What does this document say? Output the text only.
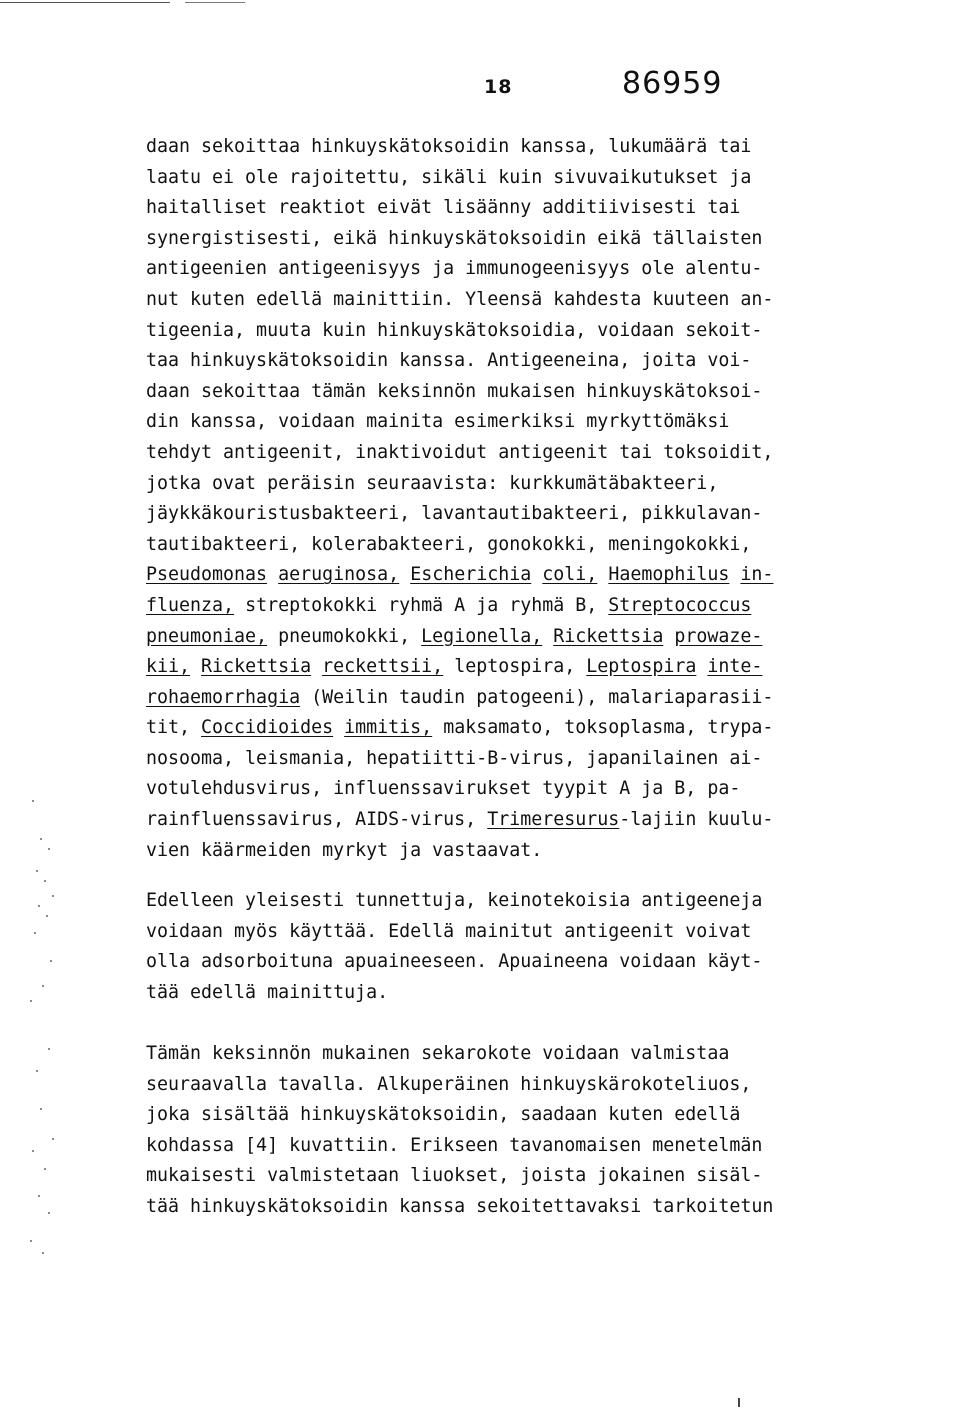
18	86959
daan sekoittaa hinkuyskätoksoidin kanssa, lukumäärä tai
laatu ei ole rajoitettu, sikäli kuin sivuvaikutukset ja
haitalliset reaktiot eivät lisäänny additiivisesti tai
synergistisesti, eikä hinkuyskätoksoidin eikä tällaisten
antigeenien antigeenisyys ja immunogeenisyys ole alentu-
nut kuten edellä mainittiin. Yleensä kahdesta kuuteen an-
tigeenia, muuta kuin hinkuyskätoksoidia, voidaan sekoit-
taa hinkuyskätoksoidin kanssa. Antigeeneina, joita voi-
daan sekoittaa tämän keksinnön mukaisen hinkuyskätoksoi-
din kanssa, voidaan mainita esimerkiksi myrkyttömäksi
tehdyt antigeenit, inaktivoidut antigeenit tai toksoidit,
jotka ovat peräisin seuraavista: kurkkumätäbakteeri,
jäykkäkouristusbakteeri, lavantautibakteeri, pikkulavan-
tautibakteeri, kolerabakteeri, gonokokki, meningokokki,
Pseudomonas aeruginosa, Escherichia coli, Haemophilus in-
fluenza, streptokokki ryhmä A ja ryhmä B, Streptococcus
pneumoniae, pneumokokki, Legionella, Rickettsia prowaze-
kii, Rickettsia reckettsii, leptospira, Leptospira inte-
rohaemorrhagia (Weilin taudin patogeeni), malariaparasii-
tit, Coccidioides immitis, maksamato, toksoplasma, trypa-
nosooma, leismania, hepatiitti-B-virus, japanilainen ai-
votulehdusvirus, influenssavirukset tyypit A ja B, pa-
rainfluenssavirus, AIDS-virus, Trimeresurus-lajiin kuulu-
vien käärmeiden myrkyt ja vastaavat.
Edelleen yleisesti tunnettuja, keinotekoisia antigeeneja
voidaan myös käyttää. Edellä mainitut antigeenit voivat
olla adsorboituna apuaineeseen. Apuaineena voidaan käyt-
tää edellä mainittuja.
Tämän keksinnön mukainen sekarokote voidaan valmistaa
seuraavalla tavalla. Alkuperäinen hinkuyskärokoteliuos,
joka sisältää hinkuyskätoksoidin, saadaan kuten edellä
kohdassa [4] kuvattiin. Erikseen tavanomaisen menetelmän
mukaisesti valmistetaan liuokset, joista jokainen sisäl-
tää hinkuyskätoksoidin kanssa sekoitettavaksi tarkoitetun
